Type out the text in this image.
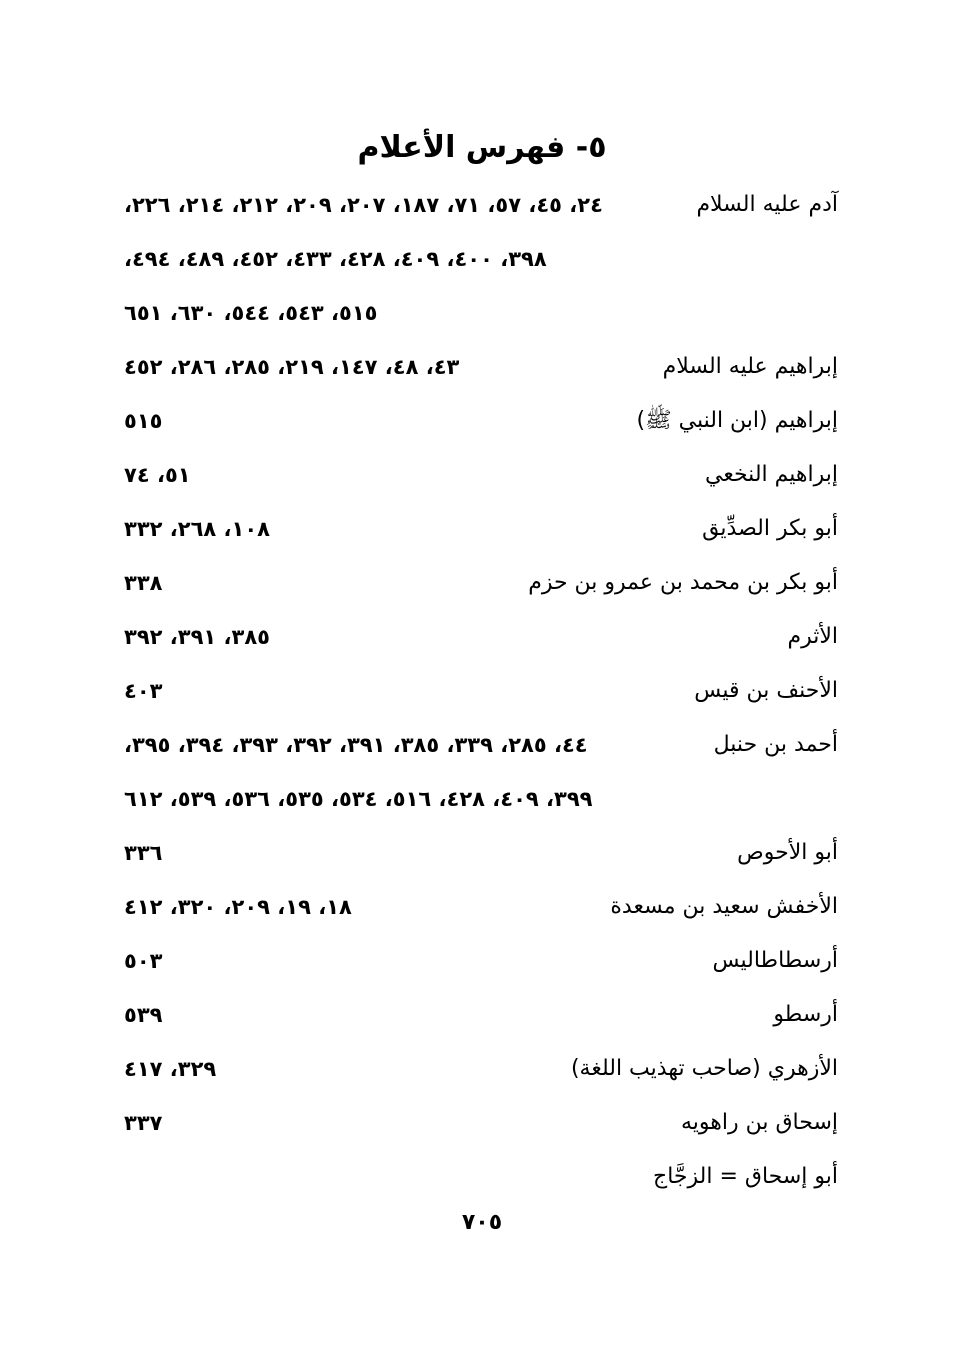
٥- فهرس الأعلام
آدم عليه السلام
٢٤، ٤٥، ٥٧، ٧١، ١٨٧، ٢٠٧، ٢٠٩، ٢١٢، ٢١٤، ٢٢٦،
٣٩٨، ٤٠٠، ٤٠٩، ٤٢٨، ٤٣٣، ٤٥٢، ٤٨٩، ٤٩٤،
٥١٥، ٥٤٣، ٥٤٤، ٦٣٠، ٦٥١
إبراهيم عليه السلام
٤٣، ٤٨، ١٤٧، ٢١٩، ٢٨٥، ٢٨٦، ٤٥٢
إبراهيم (ابن النبي ﷺ)
٥١٥
إبراهيم النخعي
٥١، ٧٤
أبو بكر الصدِّيق
١٠٨، ٢٦٨، ٣٣٢
أبو بكر بن محمد بن عمرو بن حزم
٣٣٨
الأثرم
٣٨٥، ٣٩١، ٣٩٢
الأحنف بن قيس
٤٠٣
أحمد بن حنبل
٤٤، ٢٨٥، ٣٣٩، ٣٨٥، ٣٩١، ٣٩٢، ٣٩٣، ٣٩٤، ٣٩٥،
٣٩٩، ٤٠٩، ٤٢٨، ٥١٦، ٥٣٤، ٥٣٥، ٥٣٦، ٥٣٩، ٦١٢
أبو الأحوص
٣٣٦
الأخفش سعيد بن مسعدة
١٨، ١٩، ٢٠٩، ٣٢٠، ٤١٢
أرسطاطاليس
٥٠٣
أرسطو
٥٣٩
الأزهري (صاحب تهذيب اللغة)
٣٢٩، ٤١٧
إسحاق بن راهويه
٣٣٧
أبو إسحاق = الزجَّاج
٧٠٥
